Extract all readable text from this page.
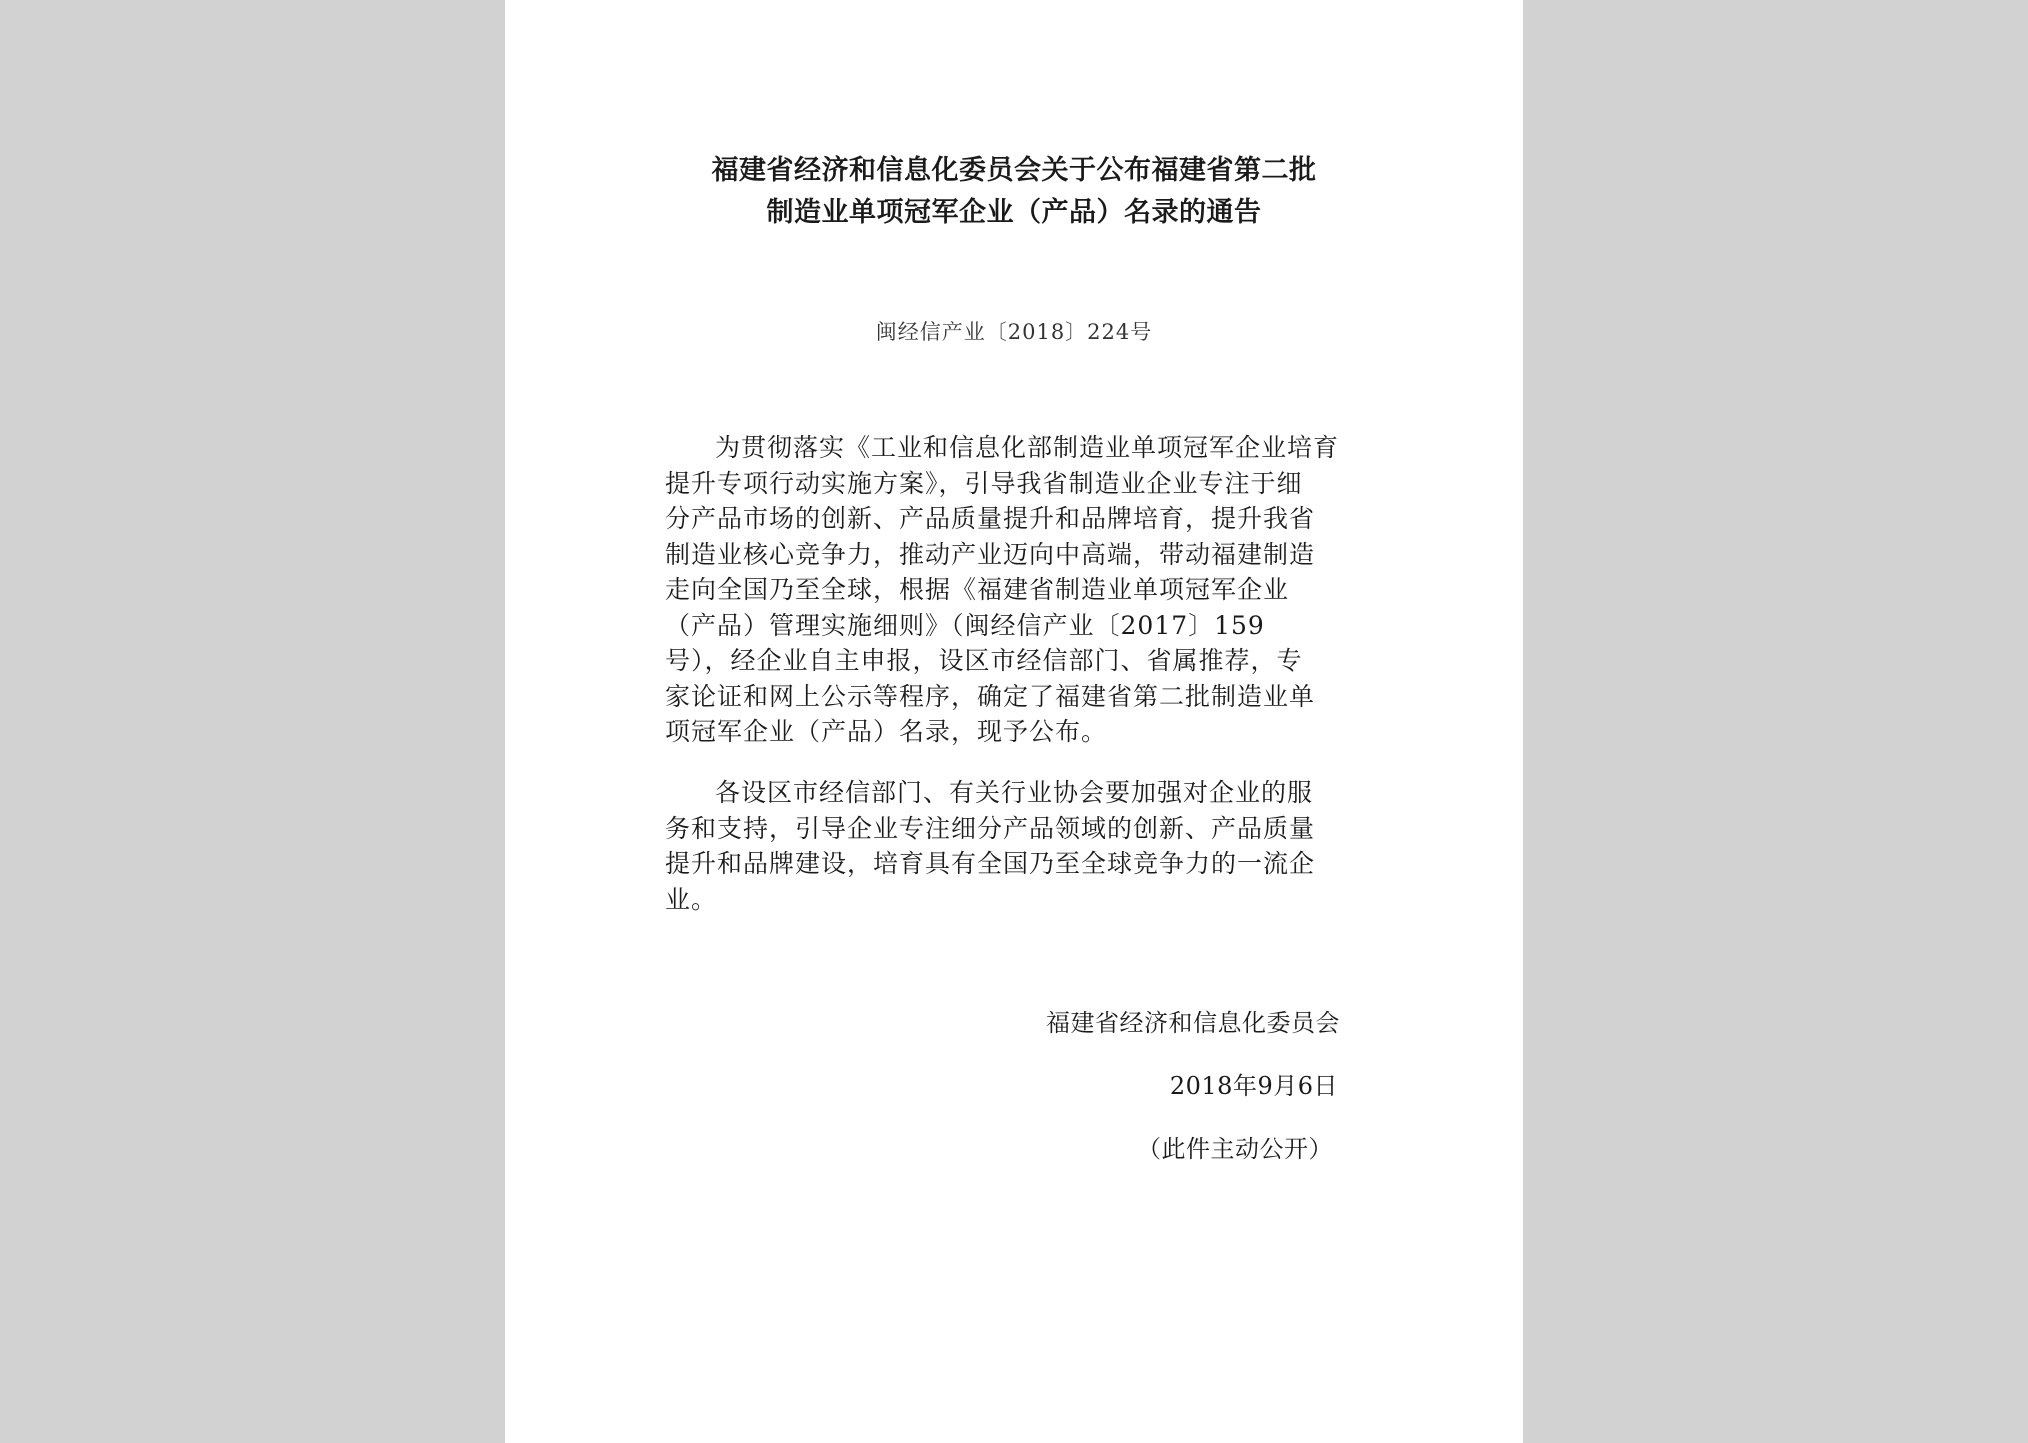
福建省经济和信息化委员会关于公布福建省第二批
制造业单项冠军企业（产品）名录的通告
闽经信产业〔2018〕224号
为贯彻落实《工业和信息化部制造业单项冠军企业培育
提升专项行动实施方案》，引导我省制造业企业专注于细
分产品市场的创新、产品质量提升和品牌培育，提升我省
制造业核心竞争力，推动产业迈向中高端，带动福建制造
走向全国乃至全球，根据《福建省制造业单项冠军企业
（产品）管理实施细则》（闽经信产业〔2017〕159
号），经企业自主申报，设区市经信部门、省属推荐，专
家论证和网上公示等程序，确定了福建省第二批制造业单
项冠军企业（产品）名录，现予公布。
各设区市经信部门、有关行业协会要加强对企业的服
务和支持，引导企业专注细分产品领域的创新、产品质量
提升和品牌建设，培育具有全国乃至全球竞争力的一流企
业。
福建省经济和信息化委员会
2018年9月6日
（此件主动公开）
